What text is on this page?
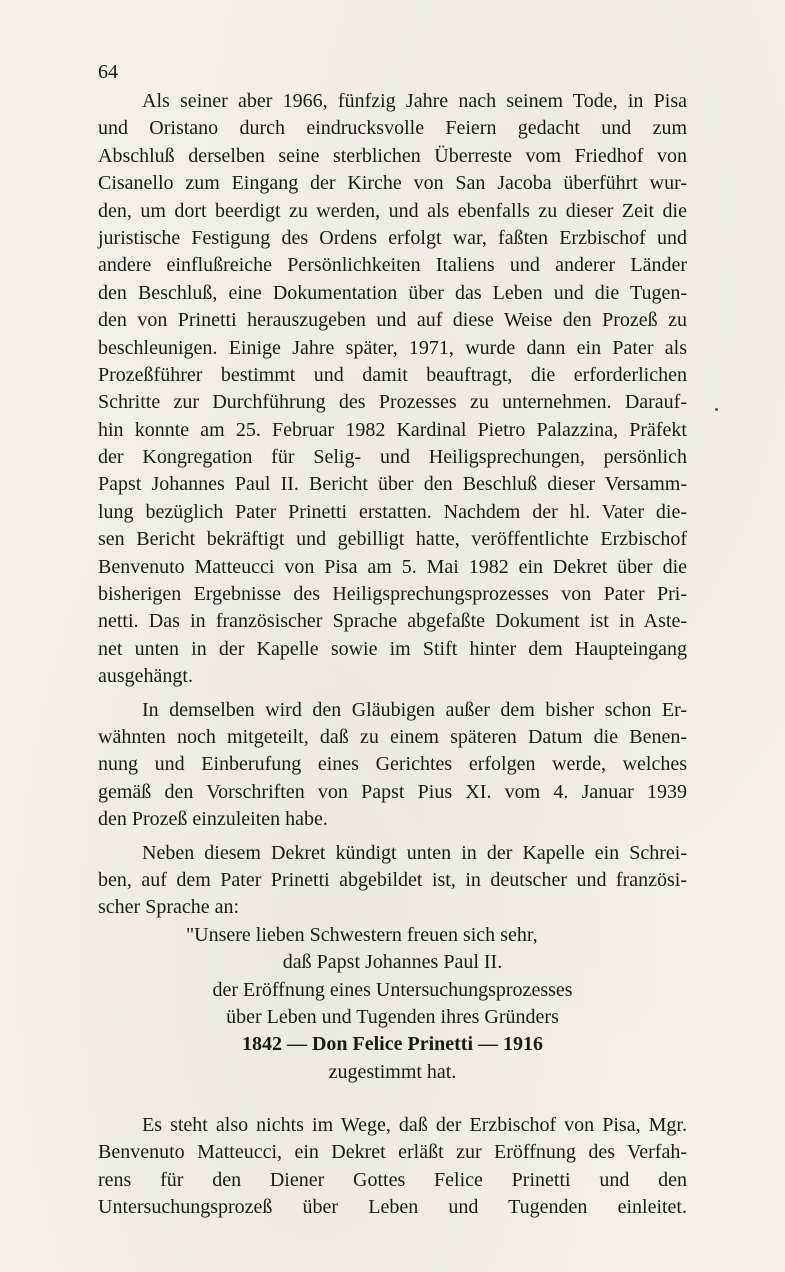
64
Als seiner aber 1966, fünfzig Jahre nach seinem Tode, in Pisa
und Oristano durch eindrucksvolle Feiern gedacht und zum
Abschluß derselben seine sterblichen Überreste vom Friedhof von
Cisanello zum Eingang der Kirche von San Jacoba überführt wur-
den, um dort beerdigt zu werden, und als ebenfalls zu dieser Zeit die
juristische Festigung des Ordens erfolgt war, faßten Erzbischof und
andere einflußreiche Persönlichkeiten Italiens und anderer Länder
den Beschluß, eine Dokumentation über das Leben und die Tugen-
den von Prinetti herauszugeben und auf diese Weise den Prozeß zu
beschleunigen. Einige Jahre später, 1971, wurde dann ein Pater als
Prozeßführer bestimmt und damit beauftragt, die erforderlichen
Schritte zur Durchführung des Prozesses zu unternehmen. Darauf-
hin konnte am 25. Februar 1982 Kardinal Pietro Palazzina, Präfekt
der Kongregation für Selig- und Heiligsprechungen, persönlich
Papst Johannes Paul II. Bericht über den Beschluß dieser Versamm-
lung bezüglich Pater Prinetti erstatten. Nachdem der hl. Vater die-
sen Bericht bekräftigt und gebilligt hatte, veröffentlichte Erzbischof
Benvenuto Matteucci von Pisa am 5. Mai 1982 ein Dekret über die
bisherigen Ergebnisse des Heiligsprechungsprozesses von Pater Pri-
netti. Das in französischer Sprache abgefaßte Dokument ist in Aste-
net unten in der Kapelle sowie im Stift hinter dem Haupteingang
ausgehängt.
In demselben wird den Gläubigen außer dem bisher schon Er-
wähnten noch mitgeteilt, daß zu einem späteren Datum die Benen-
nung und Einberufung eines Gerichtes erfolgen werde, welches
gemäß den Vorschriften von Papst Pius XI. vom 4. Januar 1939
den Prozeß einzuleiten habe.
Neben diesem Dekret kündigt unten in der Kapelle ein Schrei-
ben, auf dem Pater Prinetti abgebildet ist, in deutscher und französi-
scher Sprache an:
"Unsere lieben Schwestern freuen sich sehr,
daß Papst Johannes Paul II.
der Eröffnung eines Untersuchungsprozesses
über Leben und Tugenden ihres Gründers
1842 — Don Felice Prinetti — 1916
zugestimmt hat.
Es steht also nichts im Wege, daß der Erzbischof von Pisa, Mgr.
Benvenuto Matteucci, ein Dekret erläßt zur Eröffnung des Verfah-
rens für den Diener Gottes Felice Prinetti und den
Untersuchungsprozeß über Leben und Tugenden einleitet.
